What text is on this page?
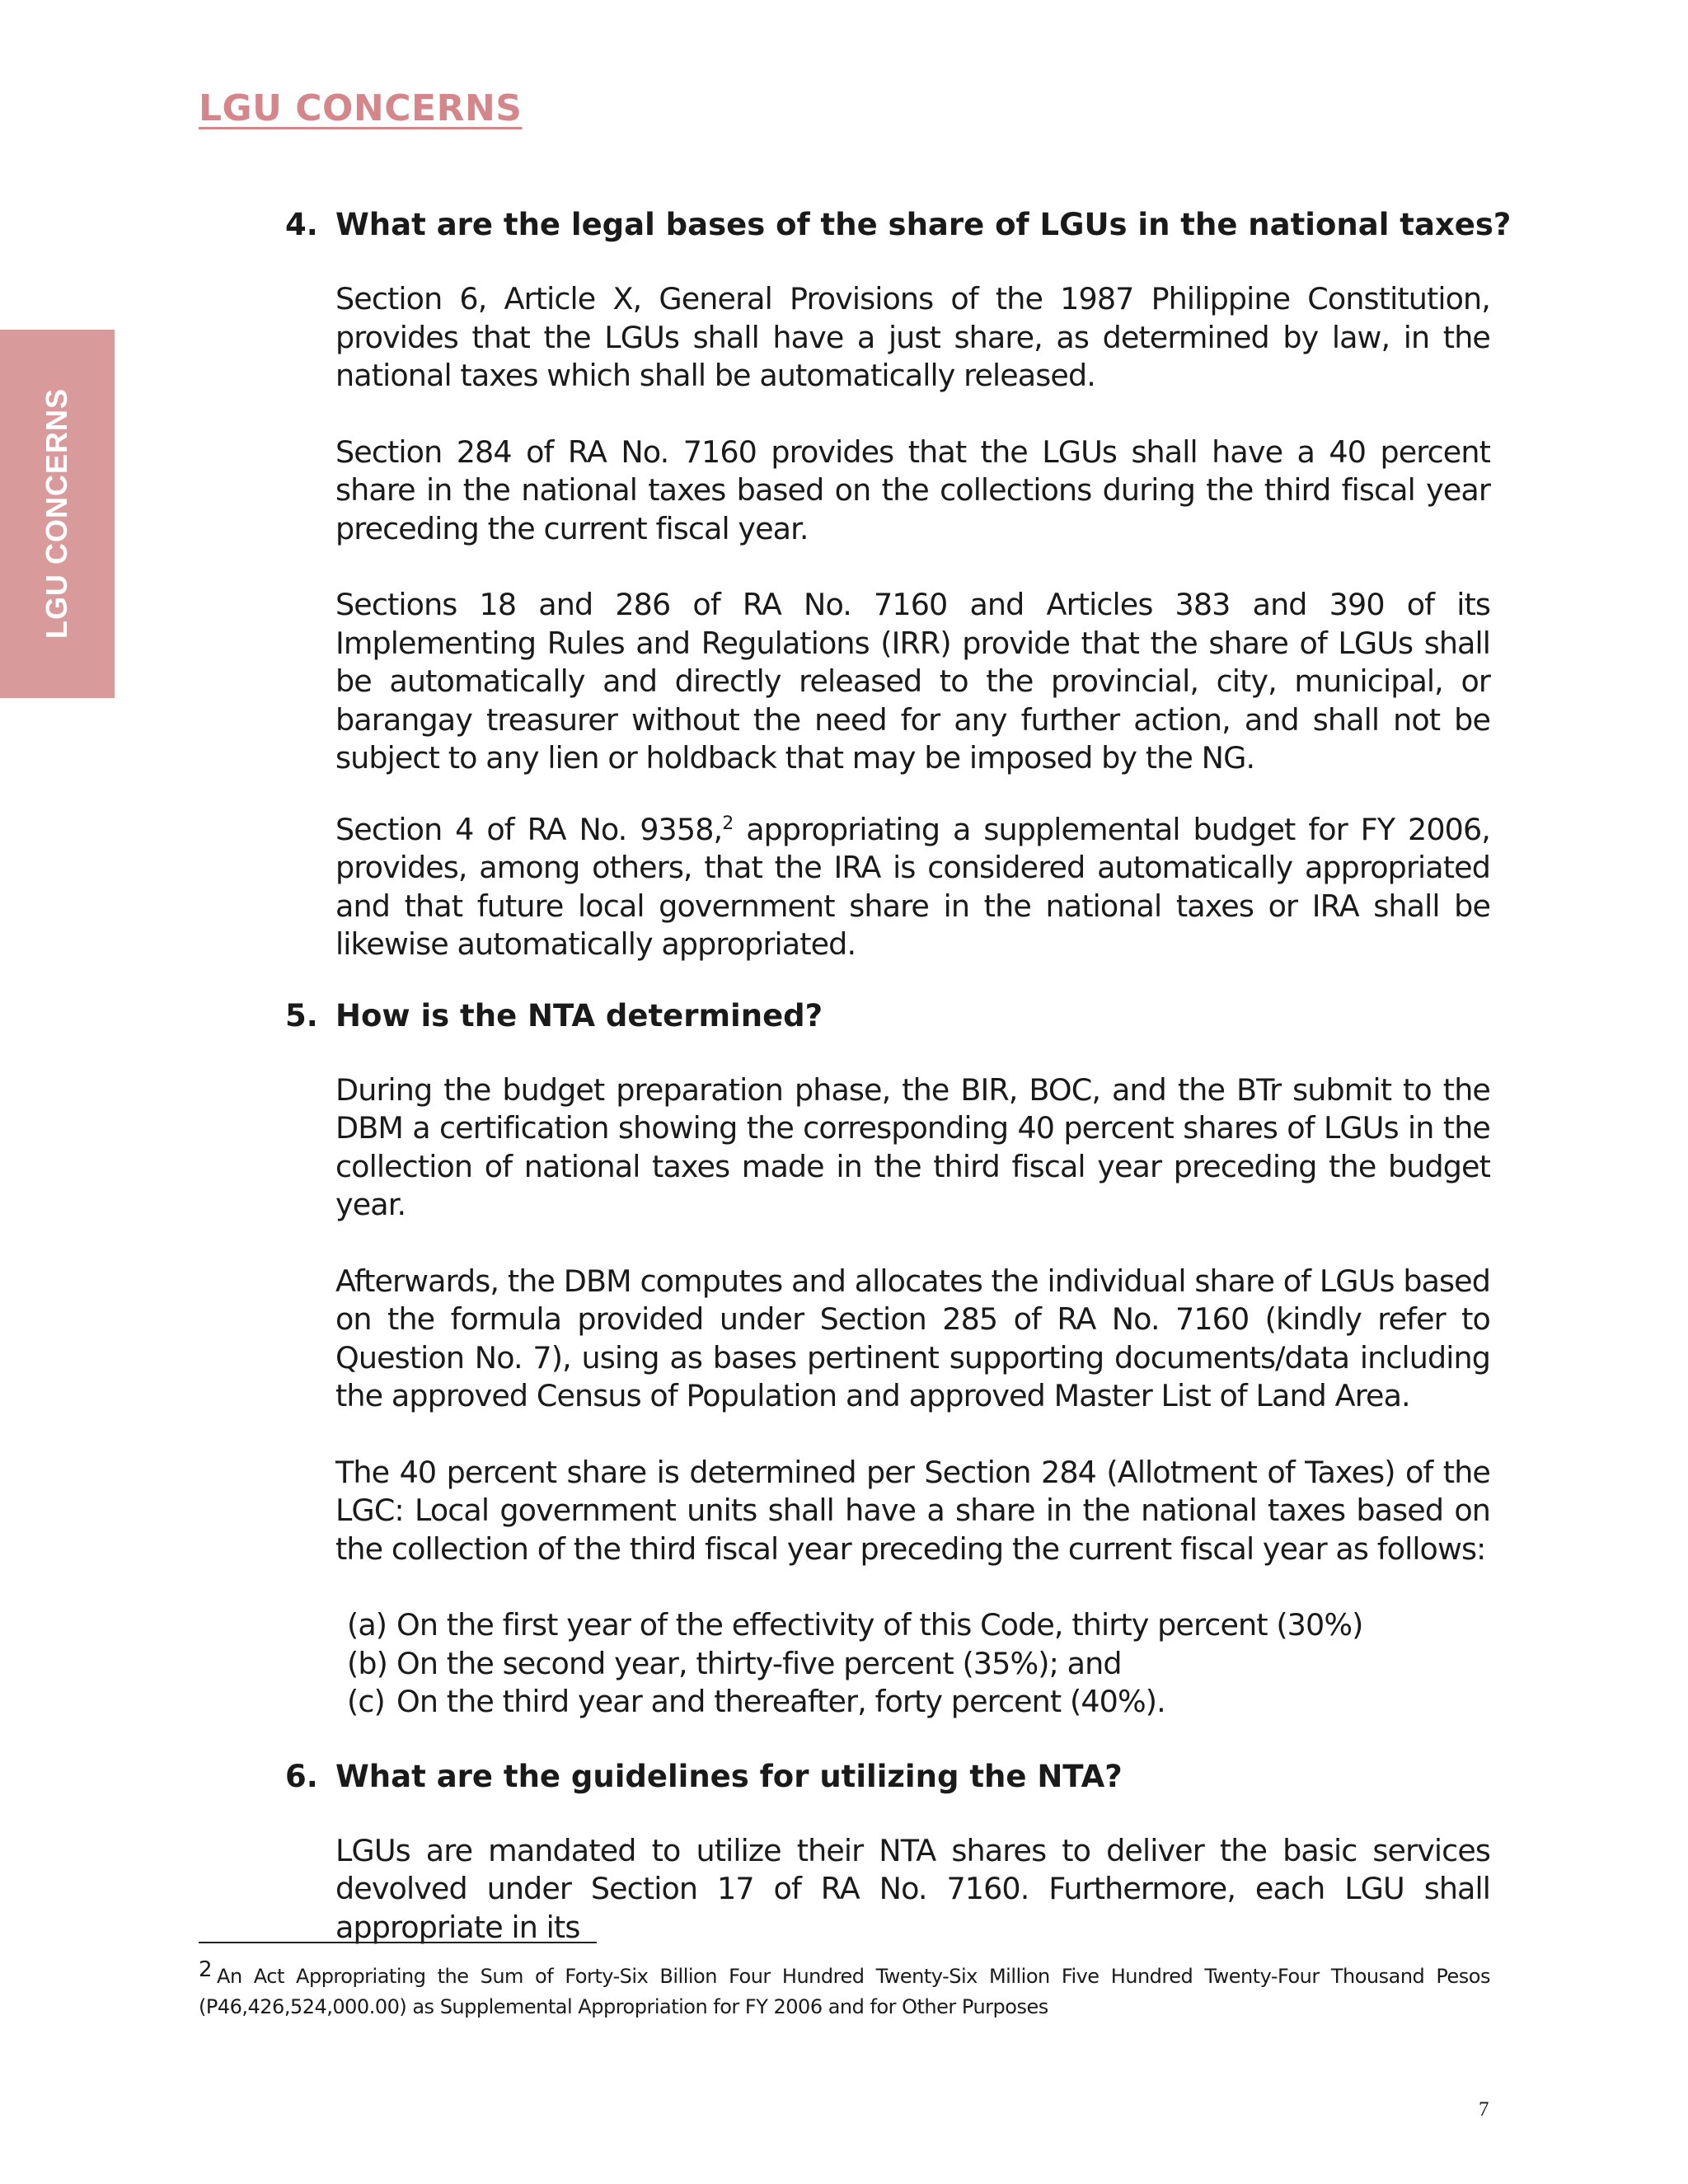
LGU CONCERNS
LGU CONCERNS
4. What are the legal bases of the share of LGUs in the national taxes?

Section 6, Article X, General Provisions of the 1987 Philippine Constitution, provides that the LGUs shall have a just share, as determined by law, in the national taxes which shall be automatically released.

Section 284 of RA No. 7160 provides that the LGUs shall have a 40 percent share in the national taxes based on the collections during the third fiscal year preceding the current fiscal year.

Sections 18 and 286 of RA No. 7160 and Articles 383 and 390 of its Implementing Rules and Regulations (IRR) provide that the share of LGUs shall be automatically and directly released to the provincial, city, municipal, or barangay treasurer without the need for any further action, and shall not be subject to any lien or holdback that may be imposed by the NG.

Section 4 of RA No. 9358,$^2$ appropriating a supplemental budget for FY 2006, provides, among others, that the IRA is considered automatically appropriated and that future local government share in the national taxes or IRA shall be likewise automatically appropriated.

5. How is the NTA determined?

During the budget preparation phase, the BIR, BOC, and the BTr submit to the DBM a certification showing the corresponding 40 percent shares of LGUs in the collection of national taxes made in the third fiscal year preceding the budget year.

Afterwards, the DBM computes and allocates the individual share of LGUs based on the formula provided under Section 285 of RA No. 7160 (kindly refer to Question No. 7), using as bases pertinent supporting documents/data including the approved Census of Population and approved Master List of Land Area.

The 40 percent share is determined per Section 284 (Allotment of Taxes) of the LGC: Local government units shall have a share in the national taxes based on the collection of the third fiscal year preceding the current fiscal year as follows:

(a) On the first year of the effectivity of this Code, thirty percent (30%)
(b) On the second year, thirty-five percent (35%); and
(c) On the third year and thereafter, forty percent (40%).
6. What are the guidelines for utilizing the NTA?

LGUs are mandated to utilize their NTA shares to deliver the basic services devolved under Section 17 of RA No. 7160. Furthermore, each LGU shall appropriate in its

2 An Act Appropriating the Sum of Forty-Six Billion Four Hundred Twenty-Six Million Five Hundred Twenty-Four Thousand Pesos (P46,426,524,000.00) as Supplemental Appropriation for FY 2006 and for Other Purposes
7
